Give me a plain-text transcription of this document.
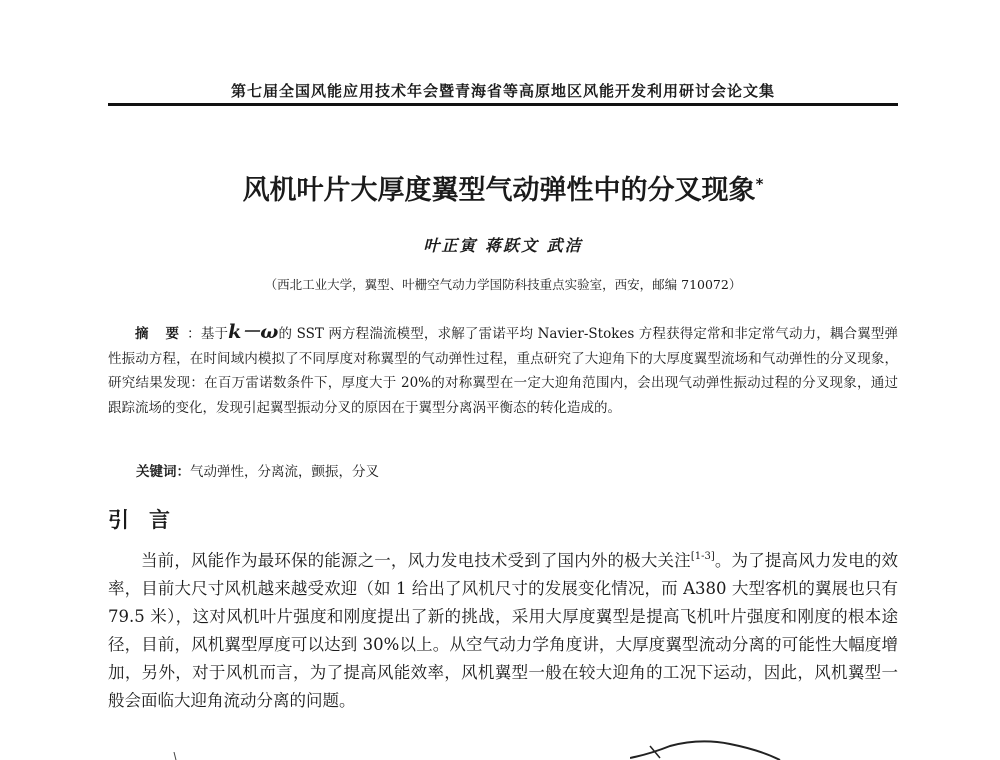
第七届全国风能应用技术年会暨青海省等高原地区风能开发利用研讨会论文集
风机叶片大厚度翼型气动弹性中的分叉现象*
叶正寅 蒋跃文 武洁
（西北工业大学，翼型、叶栅空气动力学国防科技重点实验室，西安，邮编 710072）
摘 要 ：基于k－ω的 SST 两方程湍流模型，求解了雷诺平均 Navier-Stokes 方程获得定常和非定常气动力，耦合翼型弹性振动方程，在时间域内模拟了不同厚度对称翼型的气动弹性过程，重点研究了大迎角下的大厚度翼型流场和气动弹性的分叉现象，研究结果发现：在百万雷诺数条件下，厚度大于 20%的对称翼型在一定大迎角范围内，会出现气动弹性振动过程的分叉现象，通过跟踪流场的变化，发现引起翼型振动分叉的原因在于翼型分离涡平衡态的转化造成的。
关键词：气动弹性，分离流，颤振，分叉
引言
当前，风能作为最环保的能源之一，风力发电技术受到了国内外的极大关注[1-3]。为了提高风力发电的效率，目前大尺寸风机越来越受欢迎（如 1 给出了风机尺寸的发展变化情况，而 A380 大型客机的翼展也只有 79.5 米），这对风机叶片强度和刚度提出了新的挑战，采用大厚度翼型是提高飞机叶片强度和刚度的根本途径，目前，风机翼型厚度可以达到 30%以上。从空气动力学角度讲，大厚度翼型流动分离的可能性大幅度增加，另外，对于风机而言，为了提高风能效率，风机翼型一般在较大迎角的工况下运动，因此，风机翼型一般会面临大迎角流动分离的问题。
